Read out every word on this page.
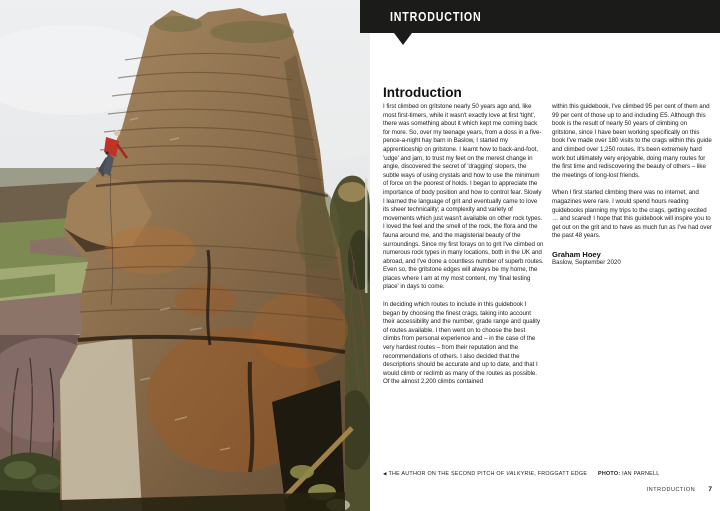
Introduction

I first climbed on gritstone nearly 50 years ago and, like most first-timers, while it wasn't exactly love at first 'tight', there was something about it which kept me coming back for more. So, over my teenage years, from a doss in a five-pence-a-night hay barn in Baslow, I started my apprenticeship on gritstone. I learnt how to back-and-foot, 'udge' and jam, to trust my feet on the merest change in angle, discovered the secret of 'dragging' slopers, the subtle ways of using crystals and how to use the minimum of force on the poorest of holds. I began to appreciate the importance of body position and how to control fear. Slowly I learned the language of grit and eventually came to love its sheer technicality; a complexity and variety of movements which just wasn't available on other rock types. I loved the feel and the smell of the rock, the flora and the fauna around me, and the magisterial beauty of the surroundings. Since my first forays on to grit I've climbed on numerous rock types in many locations, both in the UK and abroad, and I've done a countless number of superb routes. Even so, the gritstone edges will always be my home, the places where I am at my most content, my 'final testing place' in days to come.

In deciding which routes to include in this guidebook I began by choosing the finest crags, taking into account their accessibility and the number, grade range and quality of routes available. I then went on to choose the best climbs from personal experience and – in the case of the very hardest routes – from their reputation and the recommendations of others. I also decided that the descriptions should be accurate and up to date, and that I would climb or reclimb as many of the routes as possible. Of the almost 2,200 climbs contained

within this guidebook, I've climbed 95 per cent of them and 99 per cent of those up to and including E5. Although this book is the result of nearly 50 years of climbing on gritstone, since I have been working specifically on this book I've made over 180 visits to the crags within this guide and climbed over 1,250 routes. It's been extremely hard work but ultimately very enjoyable, doing many routes for the first time and rediscovering the beauty of others – like the meetings of long-lost friends.

When I first started climbing there was no internet, and magazines were rare. I would spend hours reading guidebooks planning my trips to the crags, getting excited … and scared! I hope that this guidebook will inspire you to get out on the grit and to have as much fun as I've had over the past 48 years.

Graham Hoey
Baslow, September 2020
◀ THE AUTHOR ON THE SECOND PITCH OF VALKYRIE, FROGGATT EDGE PHOTO: IAN PARNELL
INTRODUCTION 7
INTRODUCTION
